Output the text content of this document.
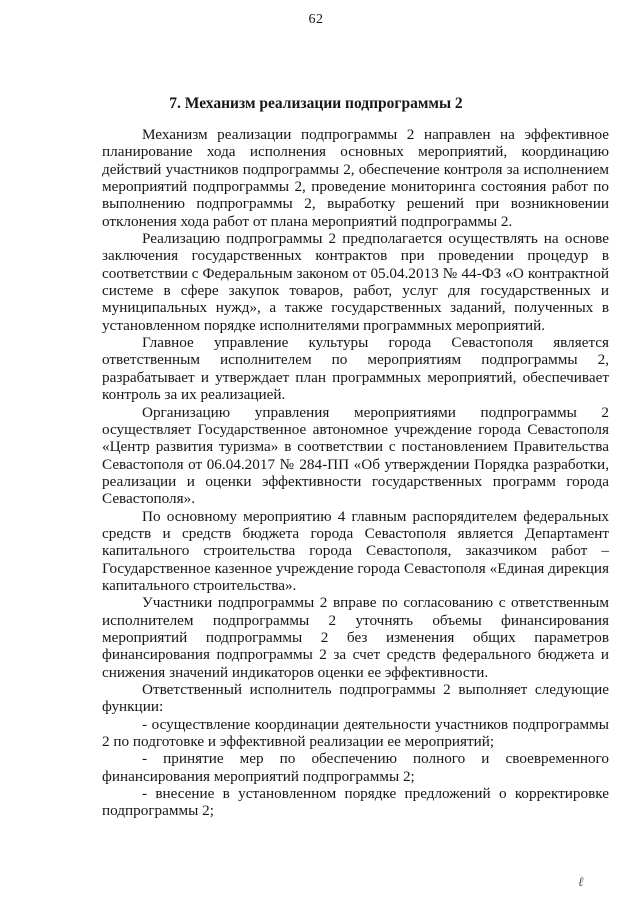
62
7. Механизм реализации подпрограммы 2

Механизм реализации подпрограммы 2 направлен на эффективное планирование хода исполнения основных мероприятий, координацию действий участников подпрограммы 2, обеспечение контроля за исполнением мероприятий подпрограммы 2, проведение мониторинга состояния работ по выполнению подпрограммы 2, выработку решений при возникновении отклонения хода работ от плана мероприятий подпрограммы 2.

Реализацию подпрограммы 2 предполагается осуществлять на основе заключения государственных контрактов при проведении процедур в соответствии с Федеральным законом от 05.04.2013 № 44-ФЗ «О контрактной системе в сфере закупок товаров, работ, услуг для государственных и муниципальных нужд», а также государственных заданий, полученных в установленном порядке исполнителями программных мероприятий.

Главное управление культуры города Севастополя является ответственным исполнителем по мероприятиям подпрограммы 2, разрабатывает и утверждает план программных мероприятий, обеспечивает контроль за их реализацией.

Организацию управления мероприятиями подпрограммы 2 осуществляет Государственное автономное учреждение города Севастополя «Центр развития туризма» в соответствии с постановлением Правительства Севастополя от 06.04.2017 № 284-ПП «Об утверждении Порядка разработки, реализации и оценки эффективности государственных программ города Севастополя».

По основному мероприятию 4 главным распорядителем федеральных средств и средств бюджета города Севастополя является Департамент капитального строительства города Севастополя, заказчиком работ – Государственное казенное учреждение города Севастополя «Единая дирекция капитального строительства».

Участники подпрограммы 2 вправе по согласованию с ответственным исполнителем подпрограммы 2 уточнять объемы финансирования мероприятий подпрограммы 2 без изменения общих параметров финансирования подпрограммы 2 за счет средств федерального бюджета и снижения значений индикаторов оценки ее эффективности.

Ответственный исполнитель подпрограммы 2 выполняет следующие функции:

- осуществление координации деятельности участников подпрограммы 2 по подготовке и эффективной реализации ее мероприятий;

- принятие мер по обеспечению полного и своевременного финансирования мероприятий подпрограммы 2;

- внесение в установленном порядке предложений о корректировке подпрограммы 2;

ℓ
